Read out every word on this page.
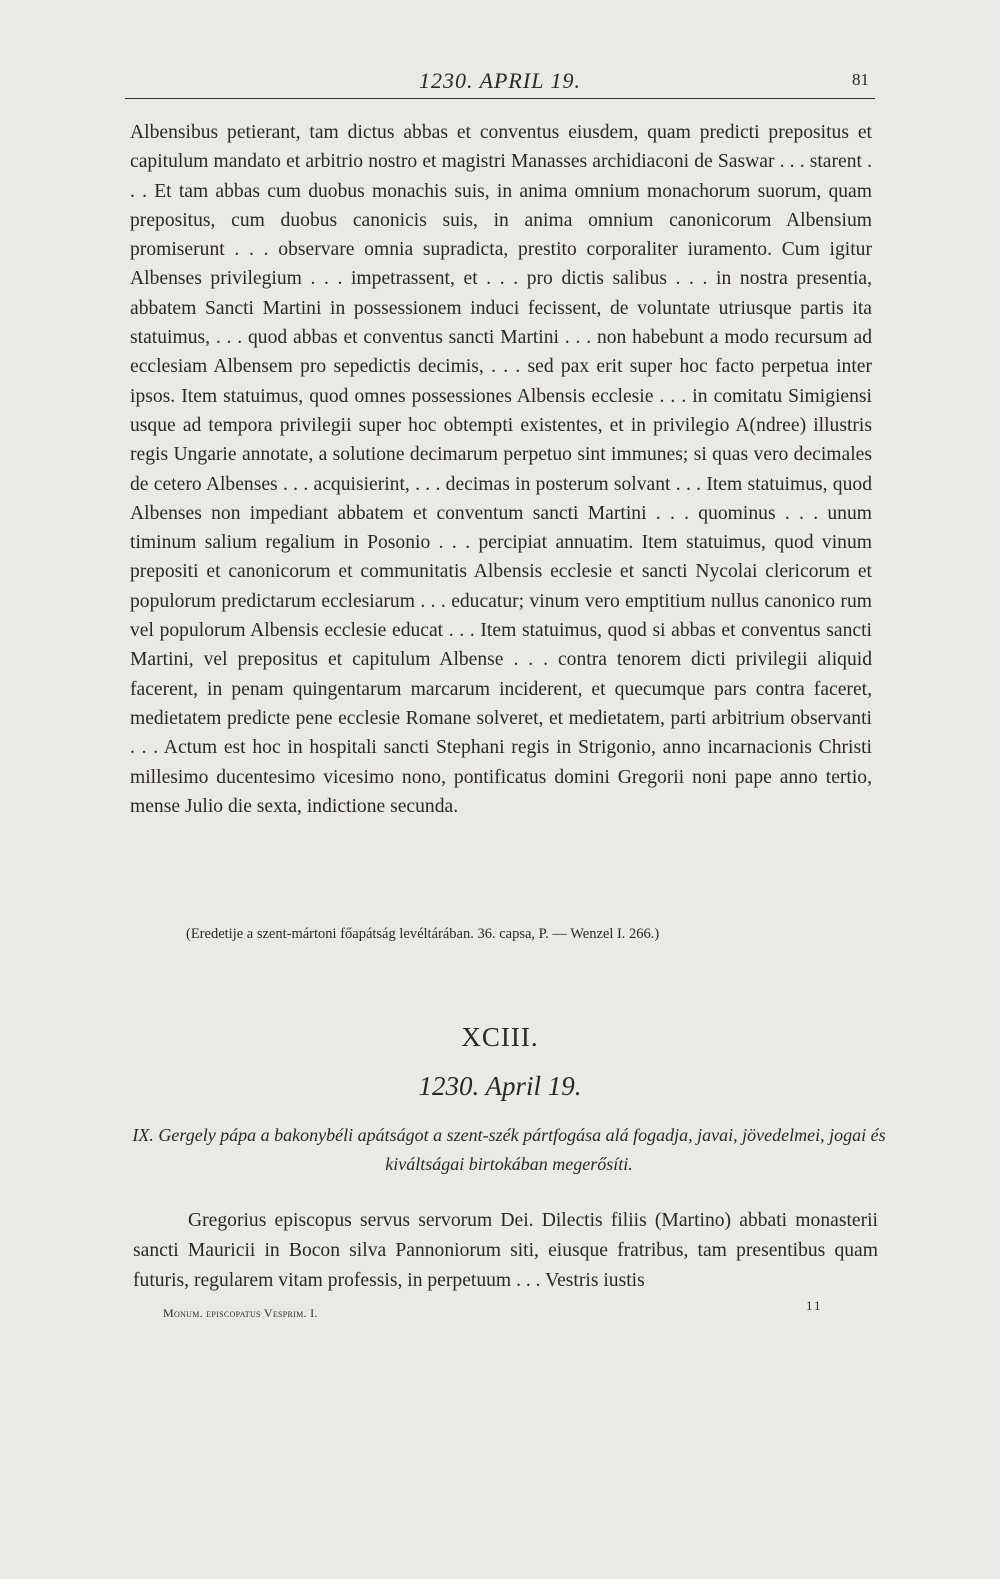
1230. APRIL 19.	81

Albensibus petierant, tam dictus abbas et conventus eiusdem, quam predicti prepositus et capitulum mandato et arbitrio nostro et magistri Manasses archidiaconi de Saswar . . . starent . . . Et tam abbas cum duobus monachis suis, in anima omnium monachorum suorum, quam prepositus, cum duobus canonicis suis, in anima omnium canonicorum Albensium promiserunt . . . observare omnia supradicta, prestito corporaliter iuramento. Cum igitur Albenses privilegium . . . impetrassent, et . . . pro dictis salibus . . . in nostra presentia, abbatem Sancti Martini in possessionem induci fecissent, de voluntate utriusque partis ita statuimus, . . . quod abbas et conventus sancti Martini . . . non habebunt a modo recursum ad ecclesiam Albensem pro sepedictis decimis, . . . sed pax erit super hoc facto perpetua inter ipsos. Item statuimus, quod omnes possessiones Albensis ecclesie . . . in comitatu Simigiensi usque ad tempora privilegii super hoc obtempti existentes, et in privilegio A(ndree) illustris regis Ungarie annotate, a solutione decimarum perpetuo sint immunes; si quas vero decimales de cetero Albenses . . . acquisierint, . . . decimas in posterum solvant . . . Item statuimus, quod Albenses non impediant abbatem et conventum sancti Martini . . . quominus . . . unum timinum salium regalium in Posonio . . . percipiat annuatim. Item statuimus, quod vinum prepositi et canonicorum et communitatis Albensis ecclesie et sancti Nycolai clericorum et populorum predictarum ecclesiarum . . . educatur; vinum vero emptitium nullus canonico rum vel populorum Albensis ecclesie educat . . . Item statuimus, quod si abbas et conventus sancti Martini, vel prepositus et capitulum Albense . . . contra tenorem dicti privilegii aliquid facerent, in penam quingentarum marcarum inciderent, et quecumque pars contra faceret, medietatem predicte pene ecclesie Romane solveret, et medietatem, parti arbitrium observanti . . . Actum est hoc in hospitali sancti Stephani regis in Strigonio, anno incarnacionis Christi millesimo ducentesimo vicesimo nono, pontificatus domini Gregorii noni pape anno tertio, mense Julio die sexta, indictione secunda.

(Eredetije a szent-mártoni főapátság levéltárában. 36. capsa, P. — Wenzel I. 266.)

XCIII.
1230. April 19.

IX. Gergely pápa a bakonybéli apátságot a szent-szék pártfogása alá fogadja, javai, jövedelmei, jogai és kiváltságai birtokában megerősíti.

Gregorius episcopus servus servorum Dei. Dilectis filiis (Martino) abbati monasterii sancti Mauricii in Bocon silva Pannoniorum siti, eiusque fratribus, tam presentibus quam futuris, regularem vitam professis, in perpetuum . . . Vestris iustis

Monum. episcopatus Vesprim. I.	11
